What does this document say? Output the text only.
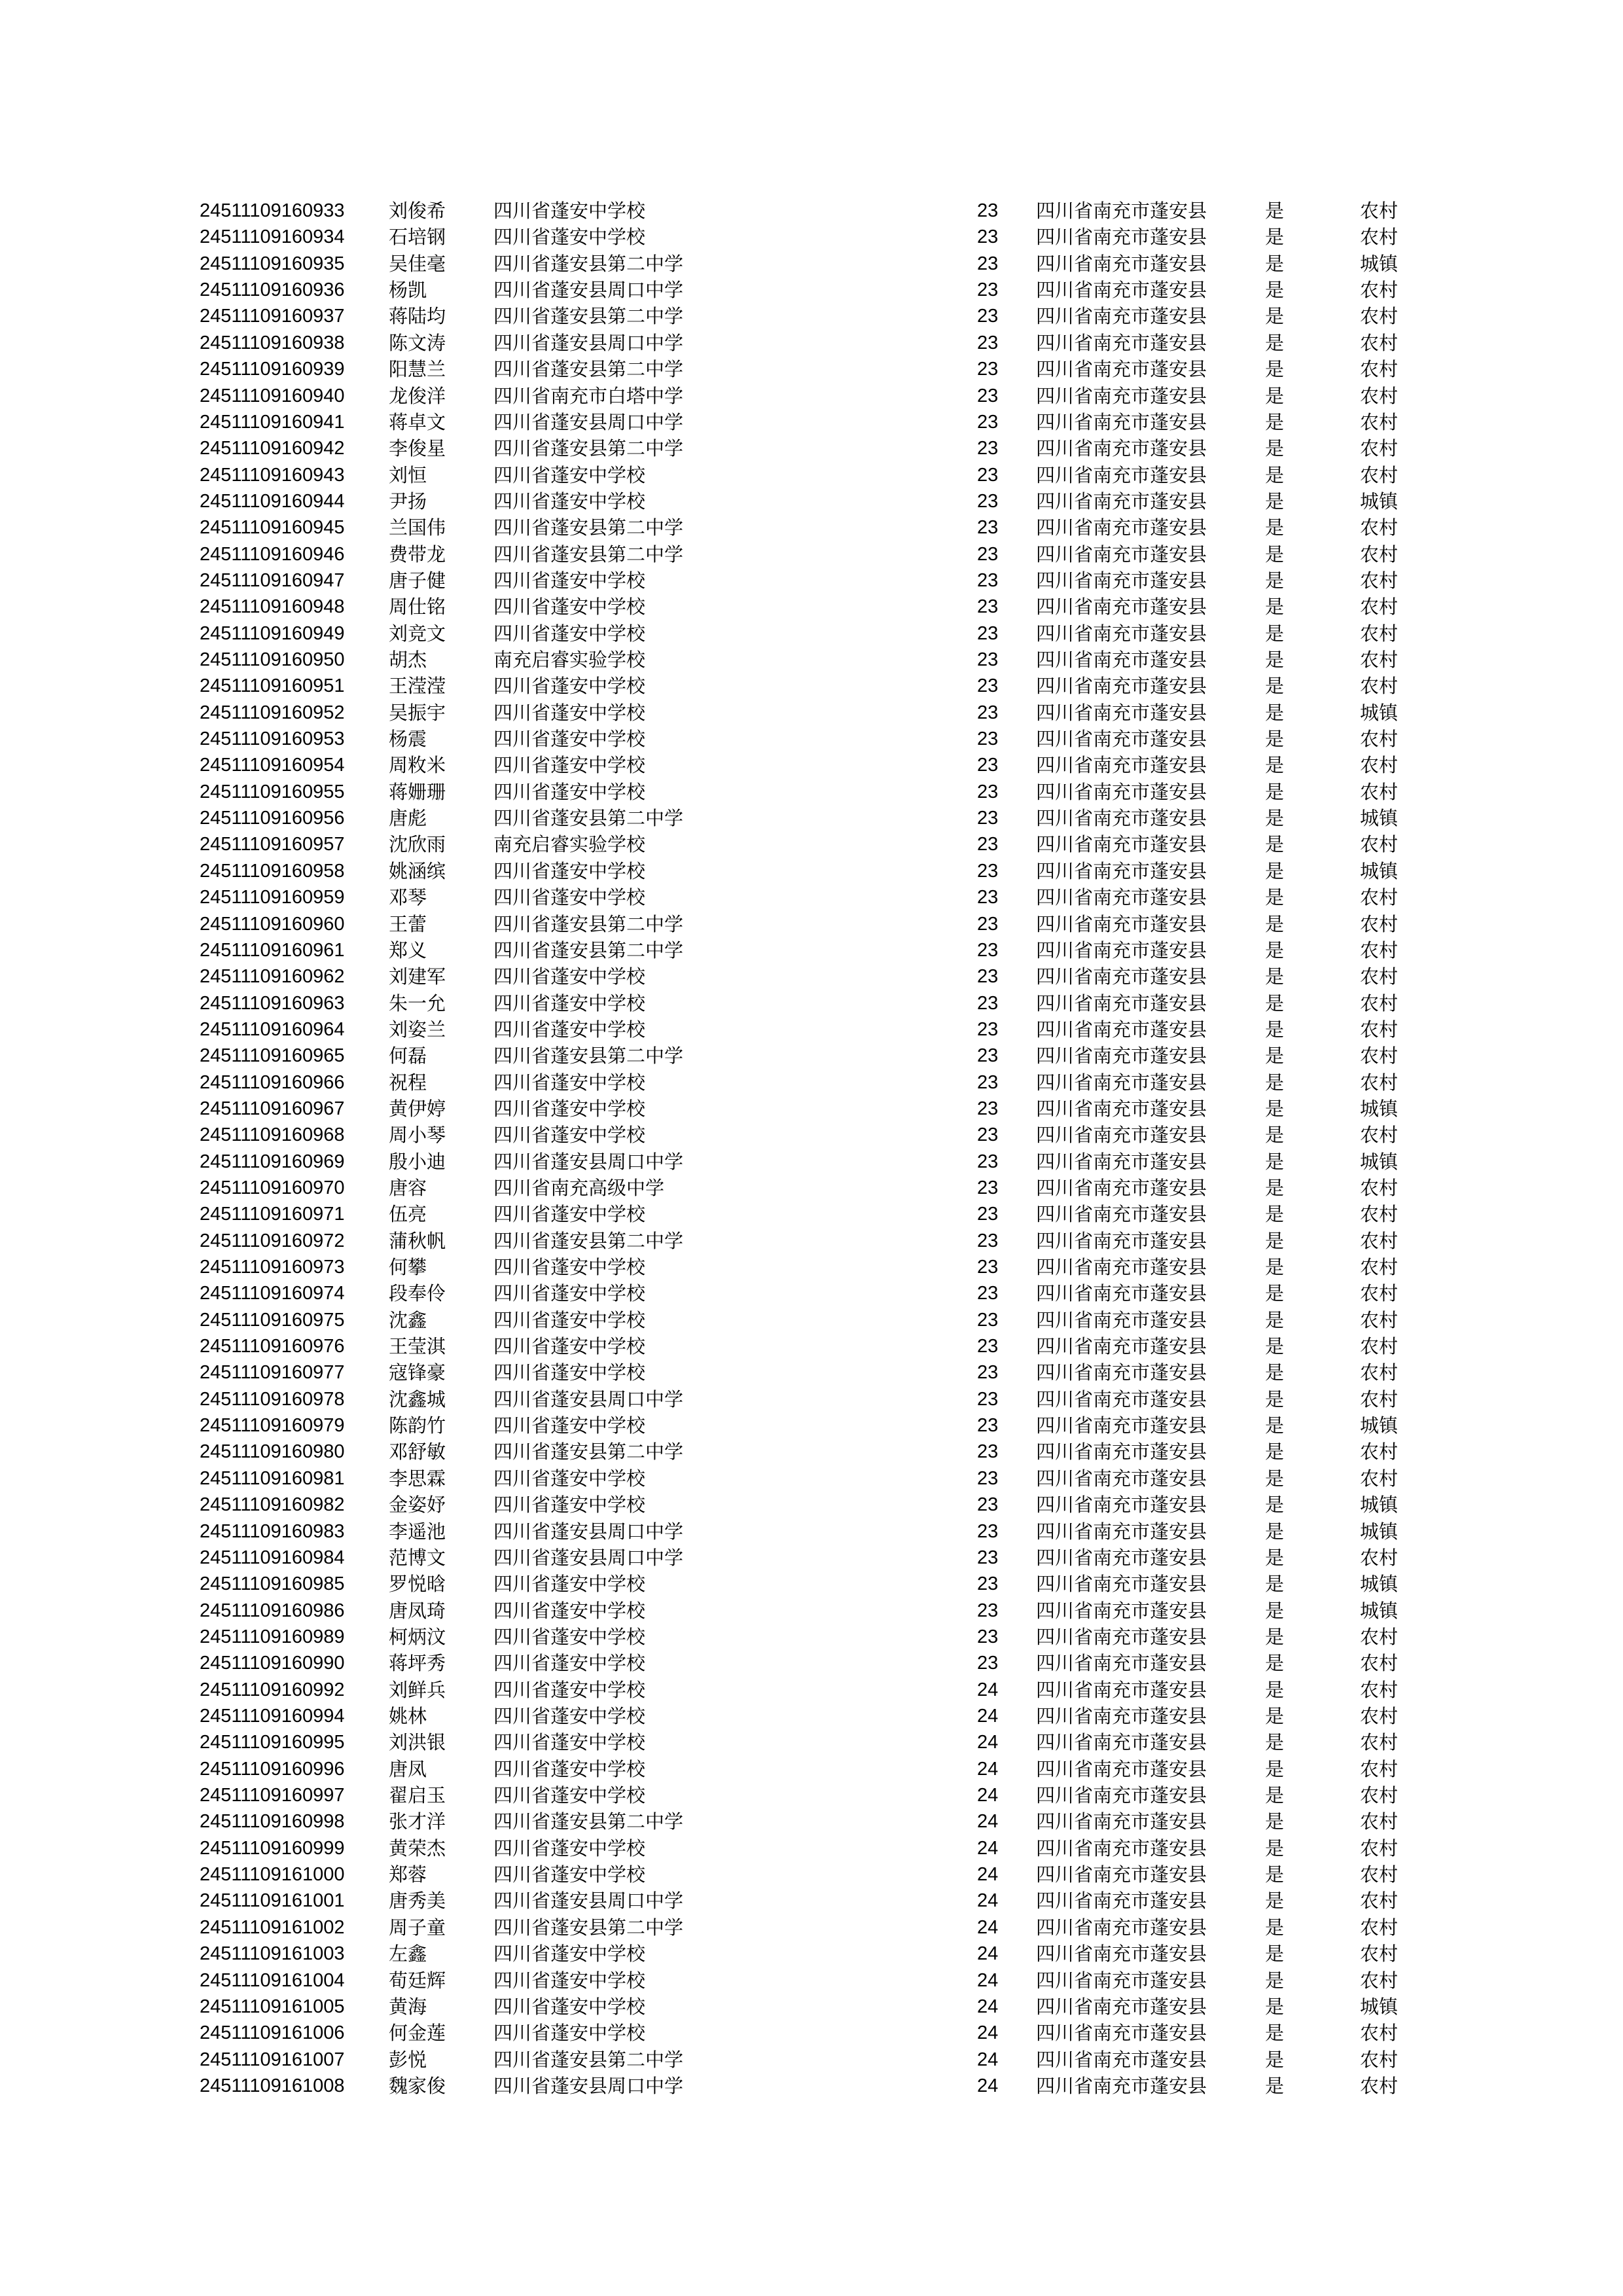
24511109160933 刘俊希	四川省蓬安中学校	23 四川省南充市蓬安县	是	农村
24511109160934 石培钢	四川省蓬安中学校	23 四川省南充市蓬安县	是	农村
24511109160935 吴佳毫	四川省蓬安县第二中学	23 四川省南充市蓬安县	是	城镇
24511109160936 杨凯	四川省蓬安县周口中学	23 四川省南充市蓬安县	是	农村
24511109160937 蒋陆均	四川省蓬安县第二中学	23 四川省南充市蓬安县	是	农村
24511109160938 陈文涛	四川省蓬安县周口中学	23 四川省南充市蓬安县	是	农村
24511109160939 阳慧兰	四川省蓬安县第二中学	23 四川省南充市蓬安县	是	农村
24511109160940 龙俊洋	四川省南充市白塔中学	23 四川省南充市蓬安县	是	农村
24511109160941 蒋卓文	四川省蓬安县周口中学	23 四川省南充市蓬安县	是	农村
24511109160942 李俊星	四川省蓬安县第二中学	23 四川省南充市蓬安县	是	农村
24511109160943 刘恒	四川省蓬安中学校	23 四川省南充市蓬安县	是	农村
24511109160944 尹扬	四川省蓬安中学校	23 四川省南充市蓬安县	是	城镇
24511109160945 兰国伟	四川省蓬安县第二中学	23 四川省南充市蓬安县	是	农村
24511109160946 费带龙	四川省蓬安县第二中学	23 四川省南充市蓬安县	是	农村
24511109160947 唐子健	四川省蓬安中学校	23 四川省南充市蓬安县	是	农村
24511109160948 周仕铭	四川省蓬安中学校	23 四川省南充市蓬安县	是	农村
24511109160949 刘竞文	四川省蓬安中学校	23 四川省南充市蓬安县	是	农村
24511109160950 胡杰	南充启睿实验学校	23 四川省南充市蓬安县	是	农村
24511109160951 王滢滢	四川省蓬安中学校	23 四川省南充市蓬安县	是	农村
24511109160952 吴振宇	四川省蓬安中学校	23 四川省南充市蓬安县	是	城镇
24511109160953 杨震	四川省蓬安中学校	23 四川省南充市蓬安县	是	农村
24511109160954 周敉米	四川省蓬安中学校	23 四川省南充市蓬安县	是	农村
24511109160955 蒋姗珊	四川省蓬安中学校	23 四川省南充市蓬安县	是	农村
24511109160956 唐彪	四川省蓬安县第二中学	23 四川省南充市蓬安县	是	城镇
24511109160957 沈欣雨	南充启睿实验学校	23 四川省南充市蓬安县	是	农村
24511109160958 姚涵缤	四川省蓬安中学校	23 四川省南充市蓬安县	是	城镇
24511109160959 邓琴	四川省蓬安中学校	23 四川省南充市蓬安县	是	农村
24511109160960 王蕾	四川省蓬安县第二中学	23 四川省南充市蓬安县	是	农村
24511109160961 郑义	四川省蓬安县第二中学	23 四川省南充市蓬安县	是	农村
24511109160962 刘建军	四川省蓬安中学校	23 四川省南充市蓬安县	是	农村
24511109160963 朱一允	四川省蓬安中学校	23 四川省南充市蓬安县	是	农村
24511109160964 刘姿兰	四川省蓬安中学校	23 四川省南充市蓬安县	是	农村
24511109160965 何磊	四川省蓬安县第二中学	23 四川省南充市蓬安县	是	农村
24511109160966 祝程	四川省蓬安中学校	23 四川省南充市蓬安县	是	农村
24511109160967 黄伊婷	四川省蓬安中学校	23 四川省南充市蓬安县	是	城镇
24511109160968 周小琴	四川省蓬安中学校	23 四川省南充市蓬安县	是	农村
24511109160969 殷小迪	四川省蓬安县周口中学	23 四川省南充市蓬安县	是	城镇
24511109160970 唐容	四川省南充高级中学	23 四川省南充市蓬安县	是	农村
24511109160971 伍亮	四川省蓬安中学校	23 四川省南充市蓬安县	是	农村
24511109160972 蒲秋帆	四川省蓬安县第二中学	23 四川省南充市蓬安县	是	农村
24511109160973 何攀	四川省蓬安中学校	23 四川省南充市蓬安县	是	农村
24511109160974 段奉伶	四川省蓬安中学校	23 四川省南充市蓬安县	是	农村
24511109160975 沈鑫	四川省蓬安中学校	23 四川省南充市蓬安县	是	农村
24511109160976 王莹淇	四川省蓬安中学校	23 四川省南充市蓬安县	是	农村
24511109160977 寇锋豪	四川省蓬安中学校	23 四川省南充市蓬安县	是	农村
24511109160978 沈鑫城	四川省蓬安县周口中学	23 四川省南充市蓬安县	是	农村
24511109160979 陈韵竹	四川省蓬安中学校	23 四川省南充市蓬安县	是	城镇
24511109160980 邓舒敏	四川省蓬安县第二中学	23 四川省南充市蓬安县	是	农村
24511109160981 李思霖	四川省蓬安中学校	23 四川省南充市蓬安县	是	农村
24511109160982 金姿妤	四川省蓬安中学校	23 四川省南充市蓬安县	是	城镇
24511109160983 李遥池	四川省蓬安县周口中学	23 四川省南充市蓬安县	是	城镇
24511109160984 范博文	四川省蓬安县周口中学	23 四川省南充市蓬安县	是	农村
24511109160985 罗悦晗	四川省蓬安中学校	23 四川省南充市蓬安县	是	城镇
24511109160986 唐凤琦	四川省蓬安中学校	23 四川省南充市蓬安县	是	城镇
24511109160989 柯炳汶	四川省蓬安中学校	23 四川省南充市蓬安县	是	农村
24511109160990 蒋坪秀	四川省蓬安中学校	23 四川省南充市蓬安县	是	农村
24511109160992 刘鲜兵	四川省蓬安中学校	24 四川省南充市蓬安县	是	农村
24511109160994 姚林	四川省蓬安中学校	24 四川省南充市蓬安县	是	农村
24511109160995 刘洪银	四川省蓬安中学校	24 四川省南充市蓬安县	是	农村
24511109160996 唐凤	四川省蓬安中学校	24 四川省南充市蓬安县	是	农村
24511109160997 翟启玉	四川省蓬安中学校	24 四川省南充市蓬安县	是	农村
24511109160998 张才洋	四川省蓬安县第二中学	24 四川省南充市蓬安县	是	农村
24511109160999 黄荣杰	四川省蓬安中学校	24 四川省南充市蓬安县	是	农村
24511109161000 郑蓉	四川省蓬安中学校	24 四川省南充市蓬安县	是	农村
24511109161001 唐秀美	四川省蓬安县周口中学	24 四川省南充市蓬安县	是	农村
24511109161002 周子童	四川省蓬安县第二中学	24 四川省南充市蓬安县	是	农村
24511109161003 左鑫	四川省蓬安中学校	24 四川省南充市蓬安县	是	农村
24511109161004 荀廷辉	四川省蓬安中学校	24 四川省南充市蓬安县	是	农村
24511109161005 黄海	四川省蓬安中学校	24 四川省南充市蓬安县	是	城镇
24511109161006 何金莲	四川省蓬安中学校	24 四川省南充市蓬安县	是	农村
24511109161007 彭悦	四川省蓬安县第二中学	24 四川省南充市蓬安县	是	农村
24511109161008 魏家俊	四川省蓬安县周口中学	24 四川省南充市蓬安县	是	农村
